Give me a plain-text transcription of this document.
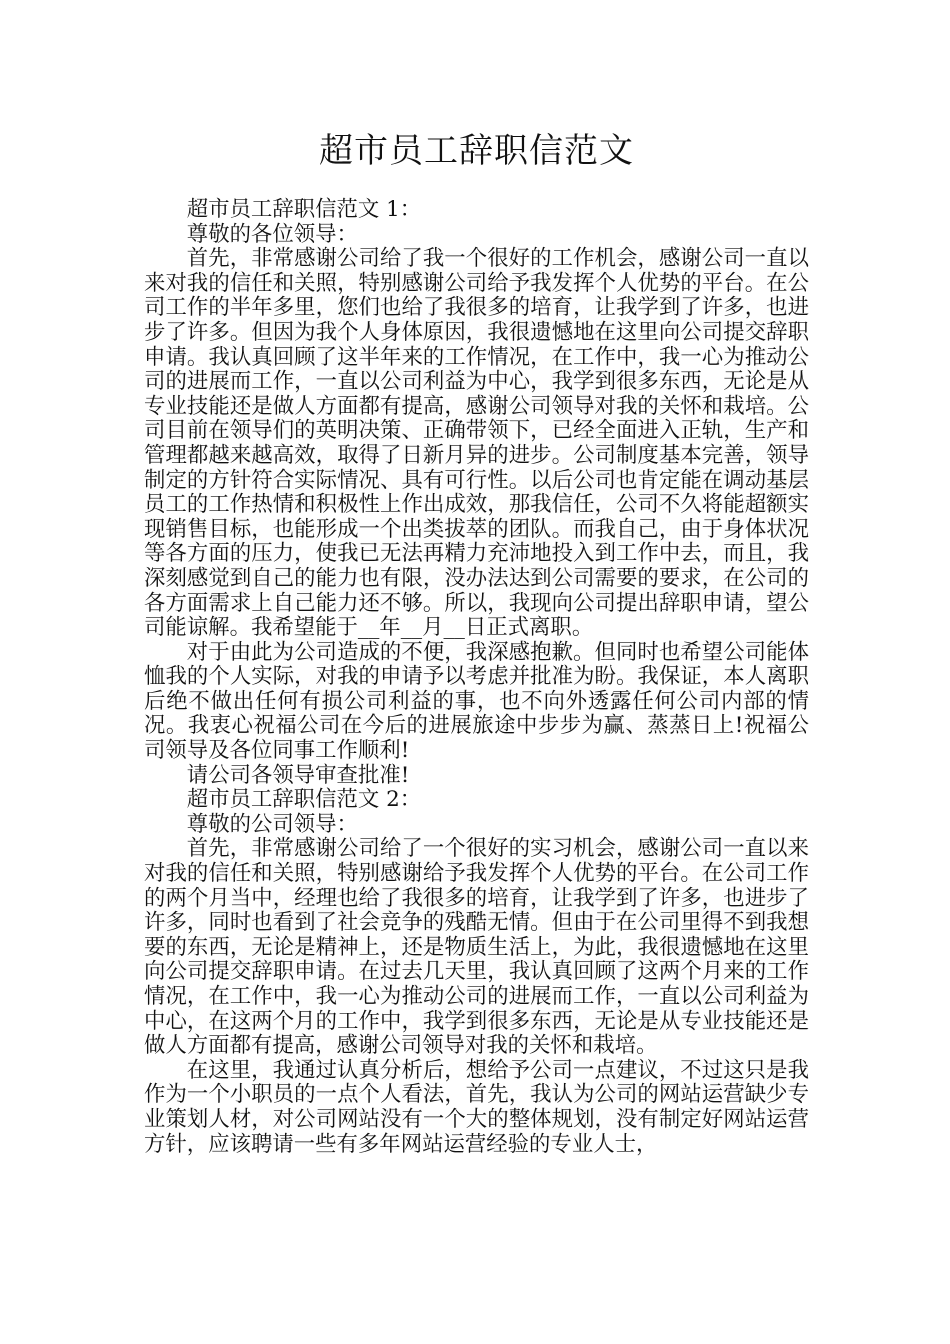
超市员工辞职信范文

超市员工辞职信范文 1：

尊敬的各位领导：

首先，非常感谢公司给了我一个很好的工作机会，感谢公司一直以来对我的信任和关照，特别感谢公司给予我发挥个人优势的平台。在公司工作的半年多里，您们也给了我很多的培育，让我学到了许多，也进步了许多。但因为我个人身体原因，我很遗憾地在这里向公司提交辞职申请。我认真回顾了这半年来的工作情况，在工作中，我一心为推动公司的进展而工作，一直以公司利益为中心，我学到很多东西，无论是从专业技能还是做人方面都有提高，感谢公司领导对我的关怀和栽培。公司目前在领导们的英明决策、正确带领下，已经全面进入正轨，生产和管理都越来越高效，取得了日新月异的进步。公司制度基本完善，领导制定的方针符合实际情况、具有可行性。以后公司也肯定能在调动基层员工的工作热情和积极性上作出成效，那我信任，公司不久将能超额实现销售目标，也能形成一个出类拔萃的团队。而我自己，由于身体状况等各方面的压力，使我已无法再精力充沛地投入到工作中去，而且，我深刻感觉到自己的能力也有限，没办法达到公司需要的要求，在公司的各方面需求上自己能力还不够。所以，我现向公司提出辞职申请，望公司能谅解。我希望能于__年__月__日正式离职。

对于由此为公司造成的不便，我深感抱歉。但同时也希望公司能体恤我的个人实际，对我的申请予以考虑并批准为盼。我保证，本人离职后绝不做出任何有损公司利益的事，也不向外透露任何公司内部的情况。我衷心祝福公司在今后的进展旅途中步步为赢、蒸蒸日上!祝福公司领导及各位同事工作顺利!

请公司各领导审查批准!

超市员工辞职信范文 2：

尊敬的公司领导：

首先，非常感谢公司给了一个很好的实习机会，感谢公司一直以来对我的信任和关照，特别感谢给予我发挥个人优势的平台。在公司工作的两个月当中，经理也给了我很多的培育，让我学到了许多，也进步了许多，同时也看到了社会竞争的残酷无情。但由于在公司里得不到我想要的东西，无论是精神上，还是物质生活上，为此，我很遗憾地在这里向公司提交辞职申请。在过去几天里，我认真回顾了这两个月来的工作情况，在工作中，我一心为推动公司的进展而工作，一直以公司利益为中心，在这两个月的工作中，我学到很多东西，无论是从专业技能还是做人方面都有提高，感谢公司领导对我的关怀和栽培。

在这里，我通过认真分析后，想给予公司一点建议，不过这只是我作为一个小职员的一点个人看法，首先，我认为公司的网站运营缺少专业策划人材，对公司网站没有一个大的整体规划，没有制定好网站运营方针，应该聘请一些有多年网站运营经验的专业人士，
